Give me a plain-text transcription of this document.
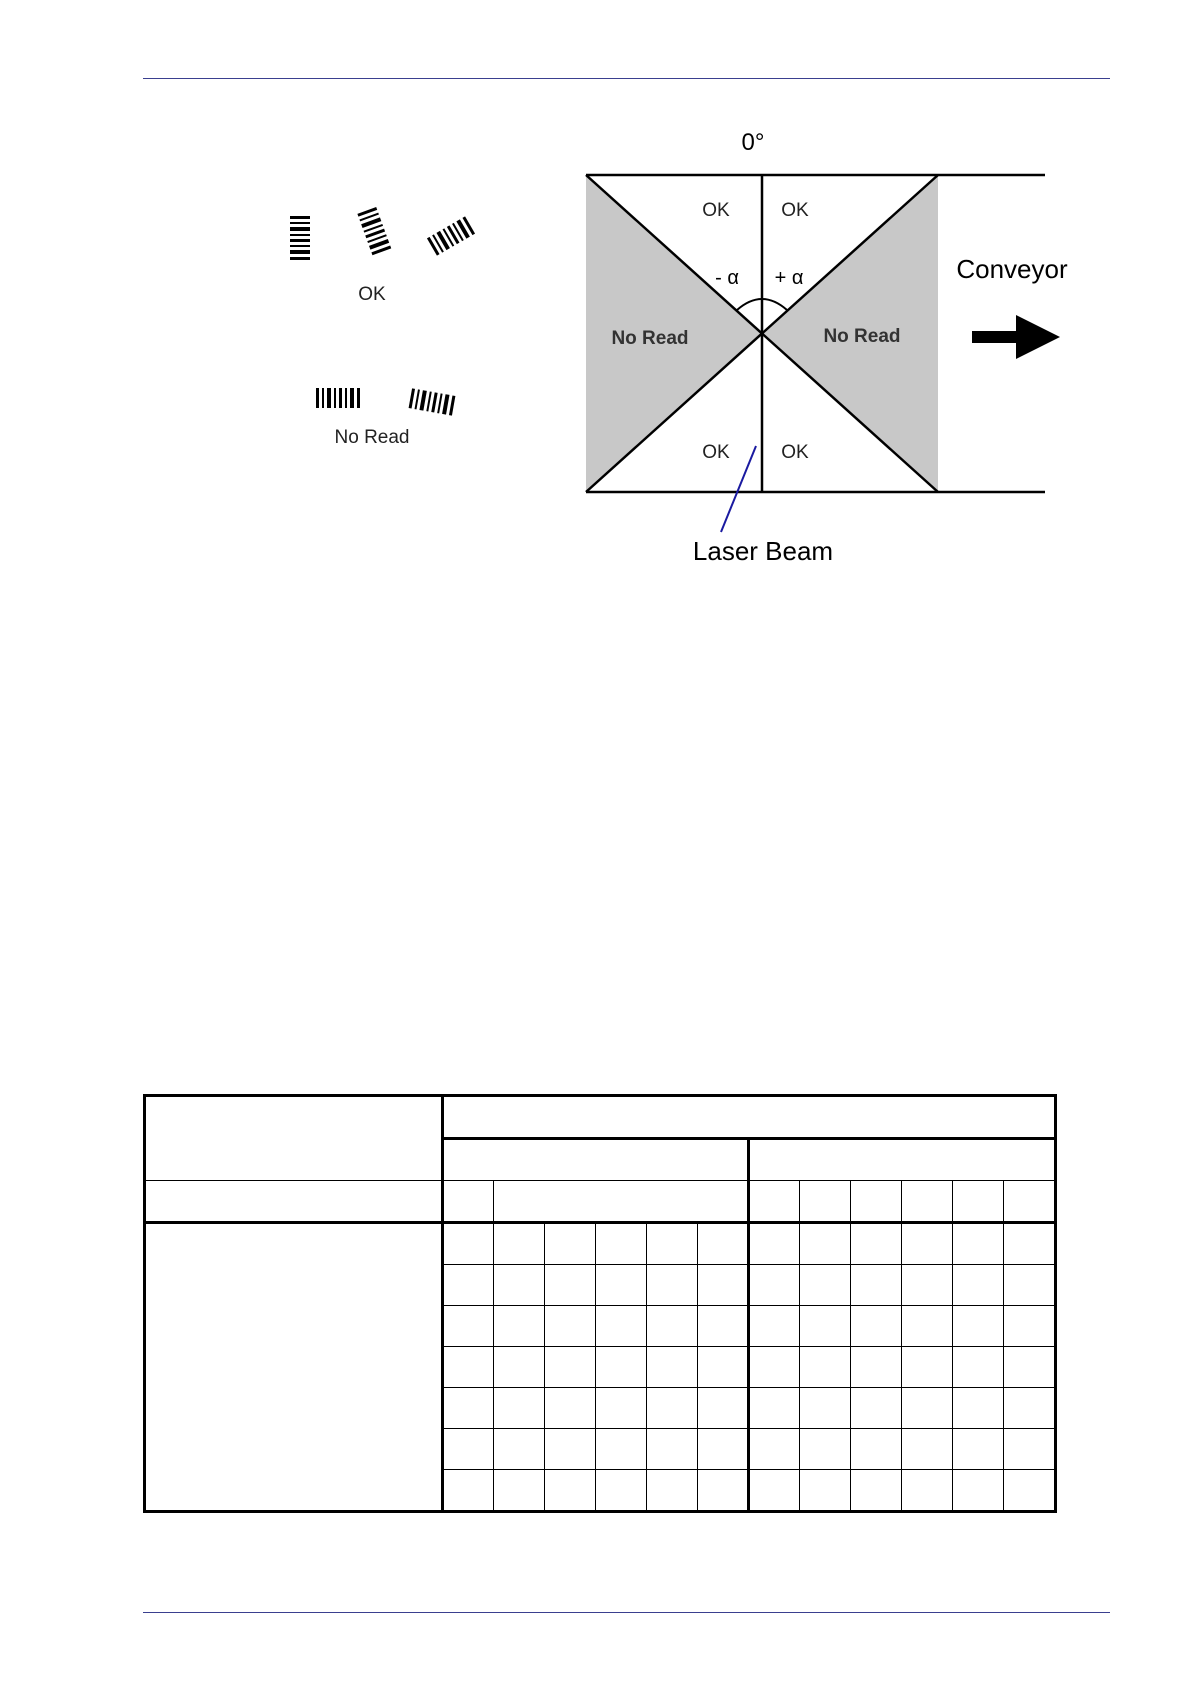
OK
No Read
0°
OK	OK
OK	OK
- α + α
No Read	No Read
Conveyor
Laser Beam
